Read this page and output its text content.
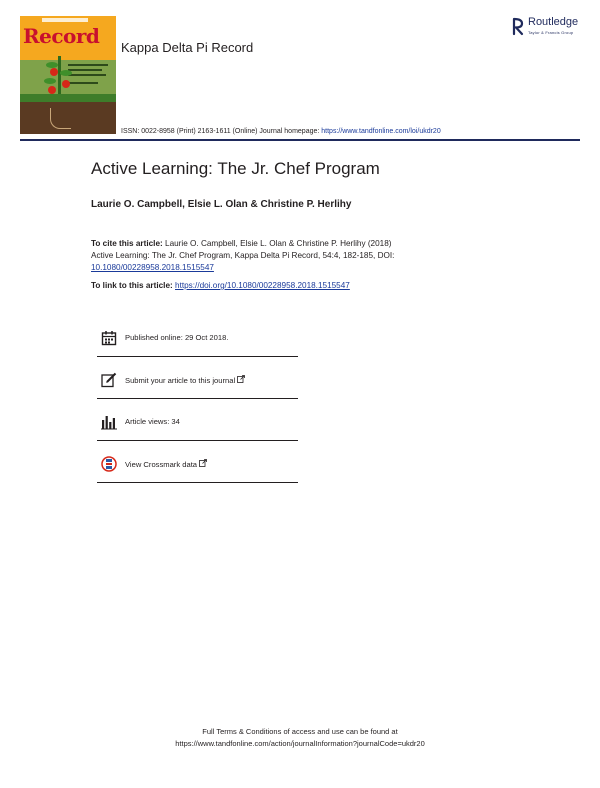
Record Kappa Delta Pi Record
Routledge
Taylor & Francis Group
ISSN: 0022-8958 (Print) 2163-1611 (Online) Journal homepage: https://www.tandfonline.com/loi/ukdr20
Active Learning: The Jr. Chef Program
Laurie O. Campbell, Elsie L. Olan & Christine P. Herlihy
To cite this article: Laurie O. Campbell, Elsie L. Olan & Christine P. Herlihy (2018)
Active Learning: The Jr. Chef Program, Kappa Delta Pi Record, 54:4, 182-185, DOI:
10.1080/00228958.2018.1515547
To link to this article: https://doi.org/10.1080/00228958.2018.1515547
Published online: 29 Oct 2018.
Submit your article to this journal
Article views: 34
View Crossmark data
Full Terms & Conditions of access and use can be found at
https://www.tandfonline.com/action/journalInformation?journalCode=ukdr20
